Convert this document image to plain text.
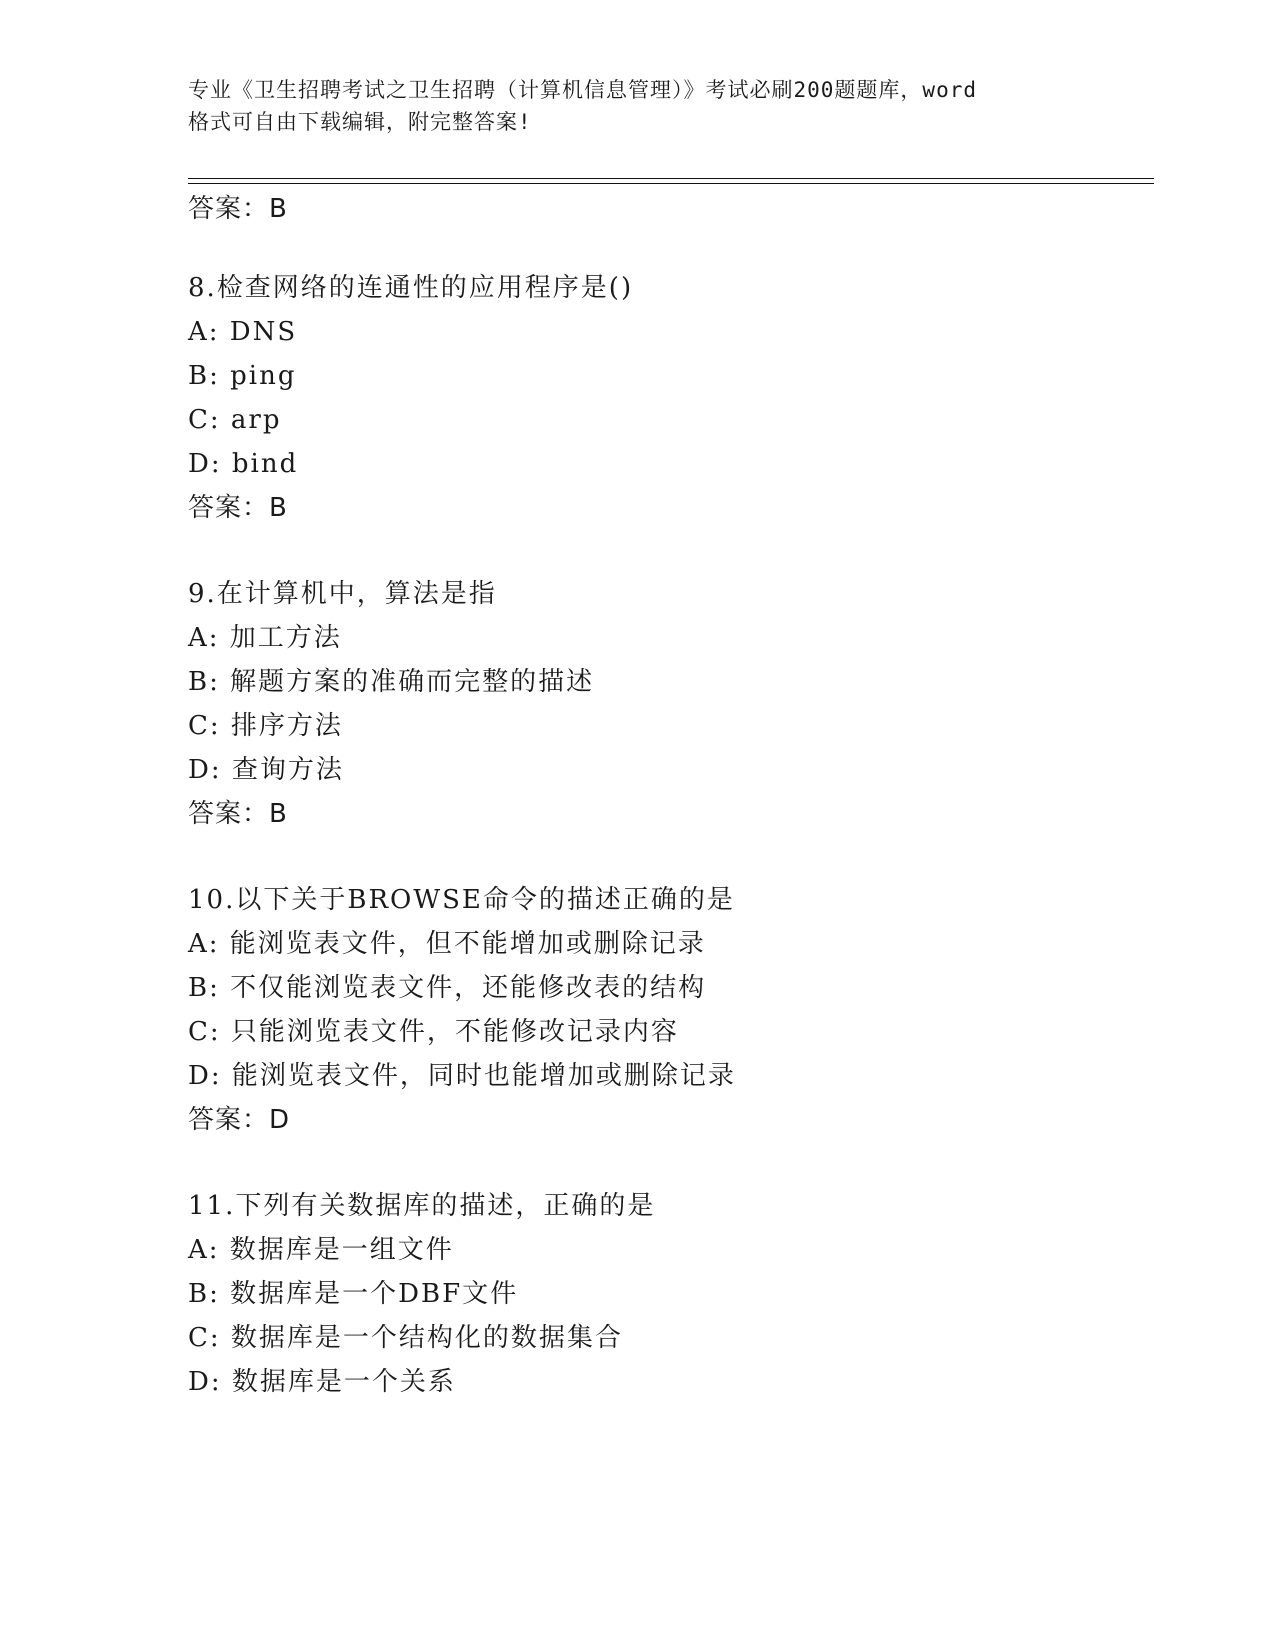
专业《卫生招聘考试之卫生招聘（计算机信息管理）》考试必刷200题题库，word
格式可自由下载编辑，附完整答案!
答案：B
8.检查网络的连通性的应用程序是()
A: DNS
B: ping
C: arp
D: bind
答案：B
9.在计算机中，算法是指
A: 加工方法
B: 解题方案的准确而完整的描述
C: 排序方法
D: 查询方法
答案：B
10.以下关于BROWSE命令的描述正确的是
A: 能浏览表文件，但不能增加或删除记录
B: 不仅能浏览表文件，还能修改表的结构
C: 只能浏览表文件，不能修改记录内容
D: 能浏览表文件，同时也能增加或删除记录
答案：D
11.下列有关数据库的描述，正确的是
A: 数据库是一组文件
B: 数据库是一个DBF文件
C: 数据库是一个结构化的数据集合
D: 数据库是一个关系
